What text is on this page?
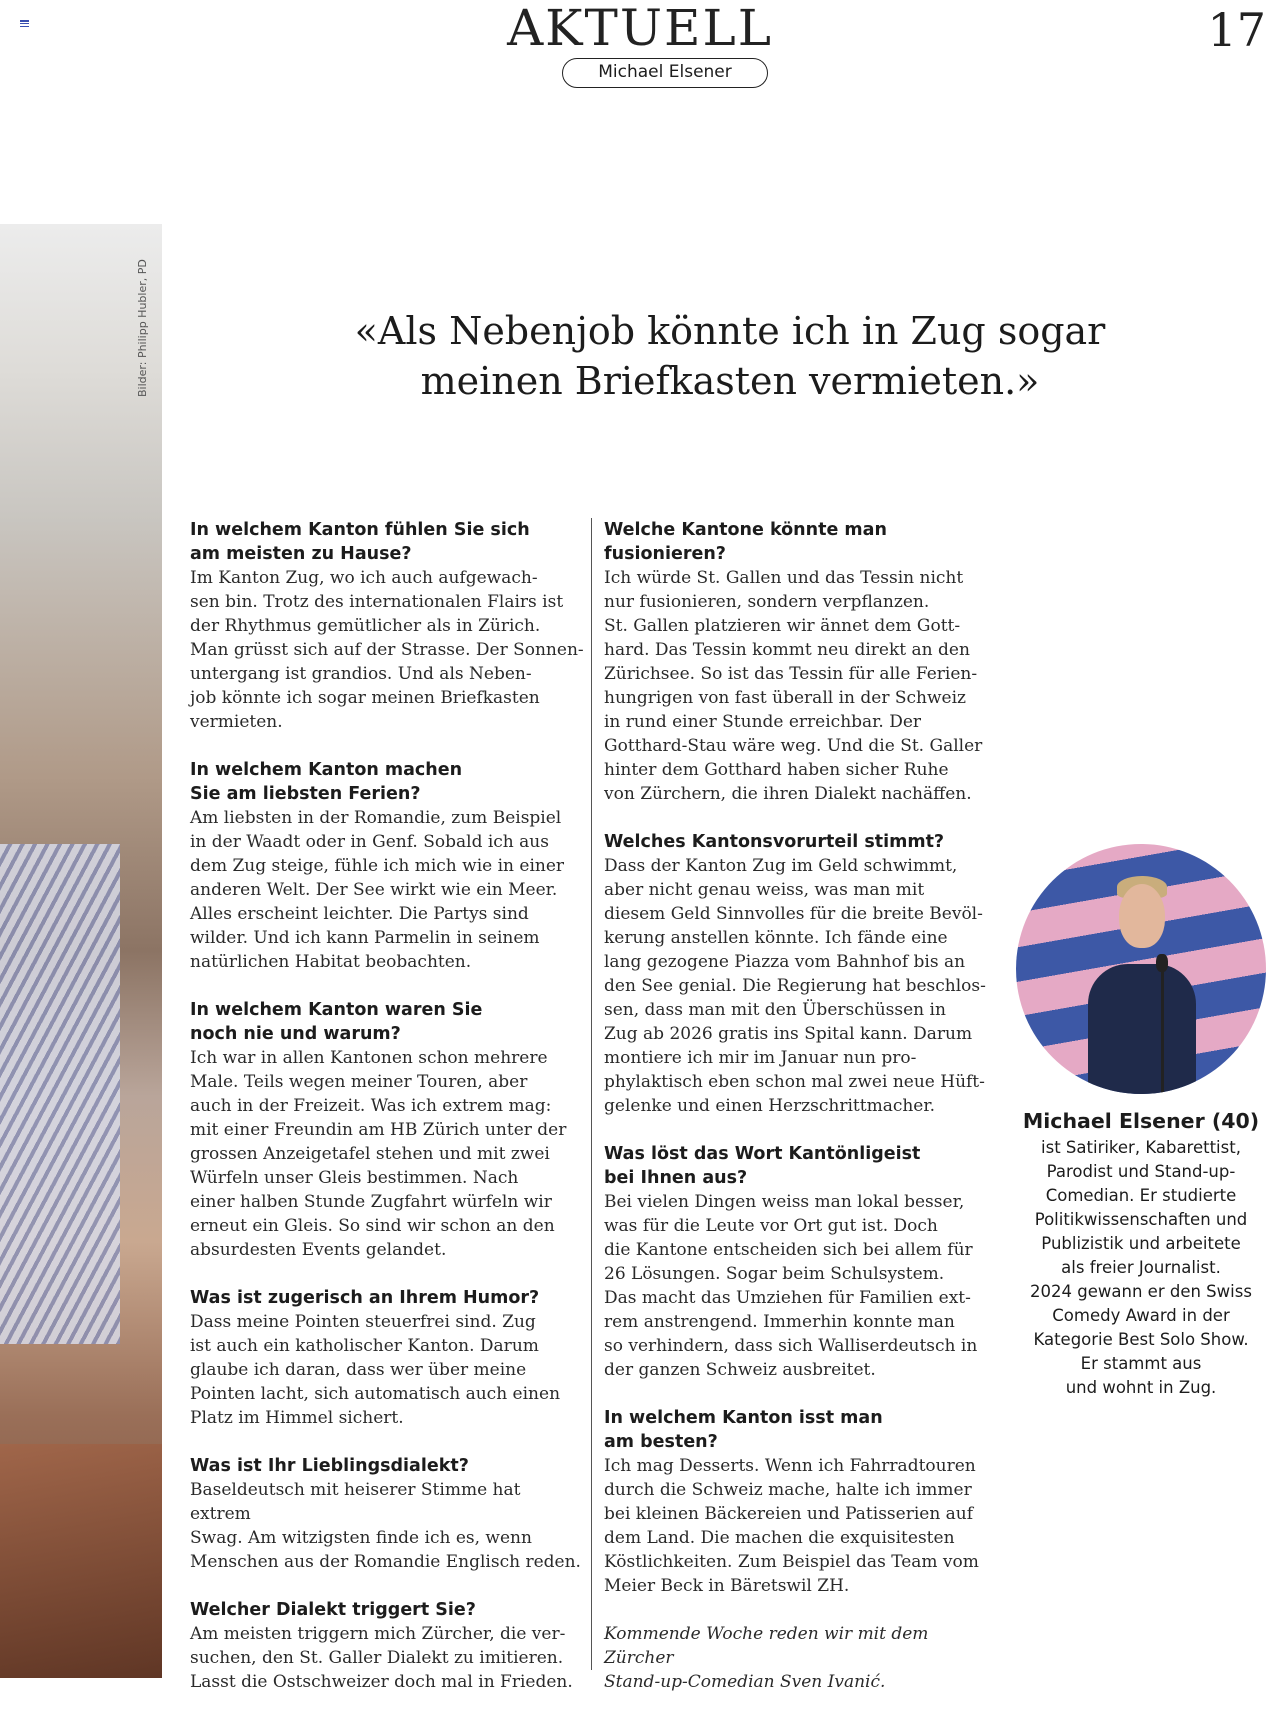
AKTUELL	17
Michael Elsener
Bilder: Philipp Hubler, PD	«Als Nebenjob könnte ich in Zug sogar
meinen Briefkasten vermieten.»
In welchem Kanton fühlen Sie sich
am meisten zu Hause?
Im Kanton Zug, wo ich auch aufgewach-
sen bin. Trotz des internationalen Flairs ist
der Rhythmus gemütlicher als in Zürich.
Man grüsst sich auf der Strasse. Der Sonnen-
untergang ist grandios. Und als Neben-
job könnte ich sogar meinen Briefkasten
vermieten.
In welchem Kanton machen
Sie am liebsten Ferien?
Am liebsten in der Romandie, zum Beispiel
in der Waadt oder in Genf. Sobald ich aus
dem Zug steige, fühle ich mich wie in einer
anderen Welt. Der See wirkt wie ein Meer.
Alles erscheint leichter. Die Partys sind
wilder. Und ich kann Parmelin in seinem
natürlichen Habitat beobachten.
In welchem Kanton waren Sie
noch nie und warum?
Ich war in allen Kantonen schon mehrere
Male. Teils wegen meiner Touren, aber
auch in der Freizeit. Was ich extrem mag:
mit einer Freundin am HB Zürich unter der
grossen Anzeigetafel stehen und mit zwei
Würfeln unser Gleis bestimmen. Nach
einer halben Stunde Zugfahrt würfeln wir
erneut ein Gleis. So sind wir schon an den
absurdesten Events gelandet.
Was ist zugerisch an Ihrem Humor?
Dass meine Pointen steuerfrei sind. Zug
ist auch ein katholischer Kanton. Darum
glaube ich daran, dass wer über meine
Pointen lacht, sich automatisch auch einen
Platz im Himmel sichert.
Was ist Ihr Lieblingsdialekt?
Baseldeutsch mit heiserer Stimme hat extrem
Swag. Am witzigsten finde ich es, wenn
Menschen aus der Romandie Englisch reden.
Welcher Dialekt triggert Sie?
Am meisten triggern mich Zürcher, die ver-
suchen, den St. Galler Dialekt zu imitieren.
Lasst die Ostschweizer doch mal in Frieden.
Welche Kantone könnte man
fusionieren?
Ich würde St. Gallen und das Tessin nicht
nur fusionieren, sondern verpflanzen.
St. Gallen platzieren wir ännet dem Gott-
hard. Das Tessin kommt neu direkt an den
Zürichsee. So ist das Tessin für alle Ferien-
hungrigen von fast überall in der Schweiz
in rund einer Stunde erreichbar. Der
Gotthard-Stau wäre weg. Und die St. Galler
hinter dem Gotthard haben sicher Ruhe
von Zürchern, die ihren Dialekt nachäffen.
Welches Kantonsvorurteil stimmt?
Dass der Kanton Zug im Geld schwimmt,
aber nicht genau weiss, was man mit
diesem Geld Sinnvolles für die breite Bevöl-
kerung anstellen könnte. Ich fände eine
lang gezogene Piazza vom Bahnhof bis an
den See genial. Die Regierung hat beschlos-
sen, dass man mit den Überschüssen in
Zug ab 2026 gratis ins Spital kann. Darum
montiere ich mir im Januar nun pro-
phylaktisch eben schon mal zwei neue Hüft-
gelenke und einen Herzschrittmacher.
Was löst das Wort Kantönligeist
bei Ihnen aus?
Bei vielen Dingen weiss man lokal besser,
was für die Leute vor Ort gut ist. Doch
die Kantone entscheiden sich bei allem für
26 Lösungen. Sogar beim Schulsystem.
Das macht das Umziehen für Familien ext-
rem anstrengend. Immerhin konnte man
so verhindern, dass sich Walliserdeutsch in
der ganzen Schweiz ausbreitet.
In welchem Kanton isst man
am besten?
Ich mag Desserts. Wenn ich Fahrradtouren
durch die Schweiz mache, halte ich immer
bei kleinen Bäckereien und Patisserien auf
dem Land. Die machen die exquisitesten
Köstlichkeiten. Zum Beispiel das Team vom
Meier Beck in Bäretswil ZH.
Kommende Woche reden wir mit dem Zürcher
Stand-up-Comedian Sven Ivanić.
Michael Elsener (40)
ist Satiriker, Kabarettist,
Parodist und Stand-up-
Comedian. Er studierte
Politikwissenschaften und
Publizistik und arbeitete
als freier Journalist.
2024 gewann er den Swiss
Comedy Award in der
Kategorie Best Solo Show.
Er stammt aus
und wohnt in Zug.
